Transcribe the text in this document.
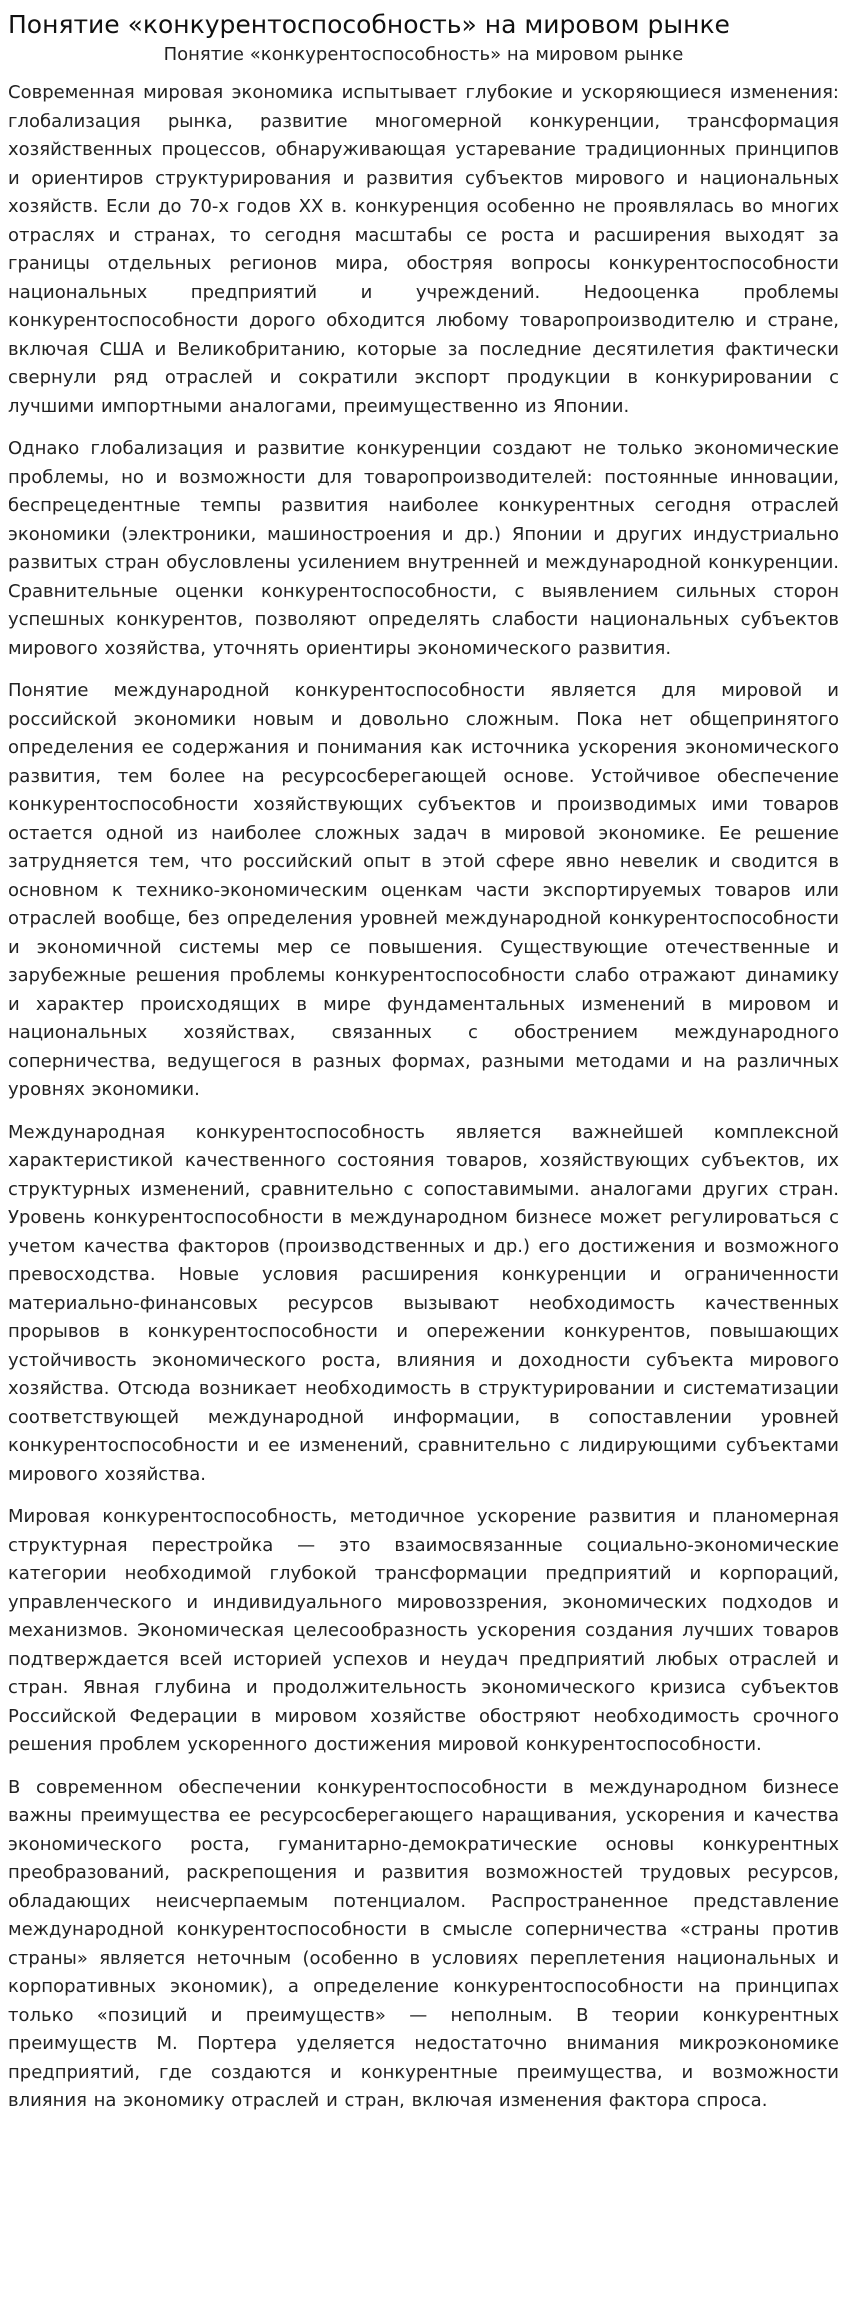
Понятие «конкурентоспособность» на мировом рынке
Понятие «конкурентоспособность» на мировом рынке

Современная мировая экономика испытывает глубокие и ускоряющиеся изменения: глобализация рынка, развитие многомерной конкуренции, трансформация хозяйственных процессов, обнаруживающая устаревание традиционных принципов и ориентиров структурирования и развития субъектов мирового и национальных хозяйств. Если до 70-х годов XX в. конкуренция особенно не проявлялась во многих отраслях и странах, то сегодня масштабы се роста и расширения выходят за границы отдельных регионов мира, обостряя вопросы конкурентоспособности национальных предприятий и учреждений. Недооценка проблемы конкурентоспособности дорого обходится любому товаропроизводителю и стране, включая США и Великобританию, которые за последние десятилетия фактически свернули ряд отраслей и сократили экспорт продукции в конкурировании с лучшими импортными аналогами, преимущественно из Японии.

Однако глобализация и развитие конкуренции создают не только экономические проблемы, но и возможности для товаропроизводителей: постоянные инновации, беспрецедентные темпы развития наиболее конкурентных сегодня отраслей экономики (электроники, машиностроения и др.) Японии и других индустриально развитых стран обусловлены усилением внутренней и международной конкуренции. Сравнительные оценки конкурентоспособности, с выявлением сильных сторон успешных конкурентов, позволяют определять слабости национальных субъектов мирового хозяйства, уточнять ориентиры экономического развития.

Понятие международной конкурентоспособности является для мировой и российской экономики новым и довольно сложным. Пока нет общепринятого определения ее содержания и понимания как источника ускорения экономического развития, тем более на ресурсосберегающей основе. Устойчивое обеспечение конкурентоспособности хозяйствующих субъектов и производимых ими товаров остается одной из наиболее сложных задач в мировой экономике. Ее решение затрудняется тем, что российский опыт в этой сфере явно невелик и сводится в основном к технико-экономическим оценкам части экспортируемых товаров или отраслей вообще, без определения уровней международной конкурентоспособности и экономичной системы мер се повышения. Существующие отечественные и зарубежные решения проблемы конкурентоспособности слабо отражают динамику и характер происходящих в мире фундаментальных изменений в мировом и национальных хозяйствах, связанных с обострением международного соперничества, ведущегося в разных формах, разными методами и на различных уровнях экономики.

Международная конкурентоспособность является важнейшей комплексной характеристикой качественного состояния товаров, хозяйствующих субъектов, их структурных изменений, сравнительно с сопоставимыми. аналогами других стран. Уровень конкурентоспособности в международном бизнесе может регулироваться с учетом качества факторов (производственных и др.) его достижения и возможного превосходства. Новые условия расширения конкуренции и ограниченности материально-финансовых ресурсов вызывают необходимость качественных прорывов в конкурентоспособности и опережении конкурентов, повышающих устойчивость экономического роста, влияния и доходности субъекта мирового хозяйства. Отсюда возникает необходимость в структурировании и систематизации соответствующей международной информации, в сопоставлении уровней конкурентоспособности и ее изменений, сравнительно с лидирующими субъектами мирового хозяйства.

Мировая конкурентоспособность, методичное ускорение развития и планомерная структурная перестройка — это взаимосвязанные социально-экономические категории необходимой глубокой трансформации предприятий и корпораций, управленческого и индивидуального мировоззрения, экономических подходов и механизмов. Экономическая целесообразность ускорения создания лучших товаров подтверждается всей историей успехов и неудач предприятий любых отраслей и стран. Явная глубина и продолжительность экономического кризиса субъектов Российской Федерации в мировом хозяйстве обостряют необходимость срочного решения проблем ускоренного достижения мировой конкурентоспособности.

В современном обеспечении конкурентоспособности в международном бизнесе важны преимущества ее ресурсосберегающего наращивания, ускорения и качества экономического роста, гуманитарно-демократические основы конкурентных преобразований, раскрепощения и развития возможностей трудовых ресурсов, обладающих неисчерпаемым потенциалом. Распространенное представление международной конкурентоспособности в смысле соперничества «страны против страны» является неточным (особенно в условиях переплетения национальных и корпоративных экономик), а определение конкурентоспособности на принципах только «позиций и преимуществ» — неполным. В теории конкурентных преимуществ М. Портера уделяется недостаточно внимания микроэкономике предприятий, где создаются и конкурентные преимущества, и возможности влияния на экономику отраслей и стран, включая изменения фактора спроса.
